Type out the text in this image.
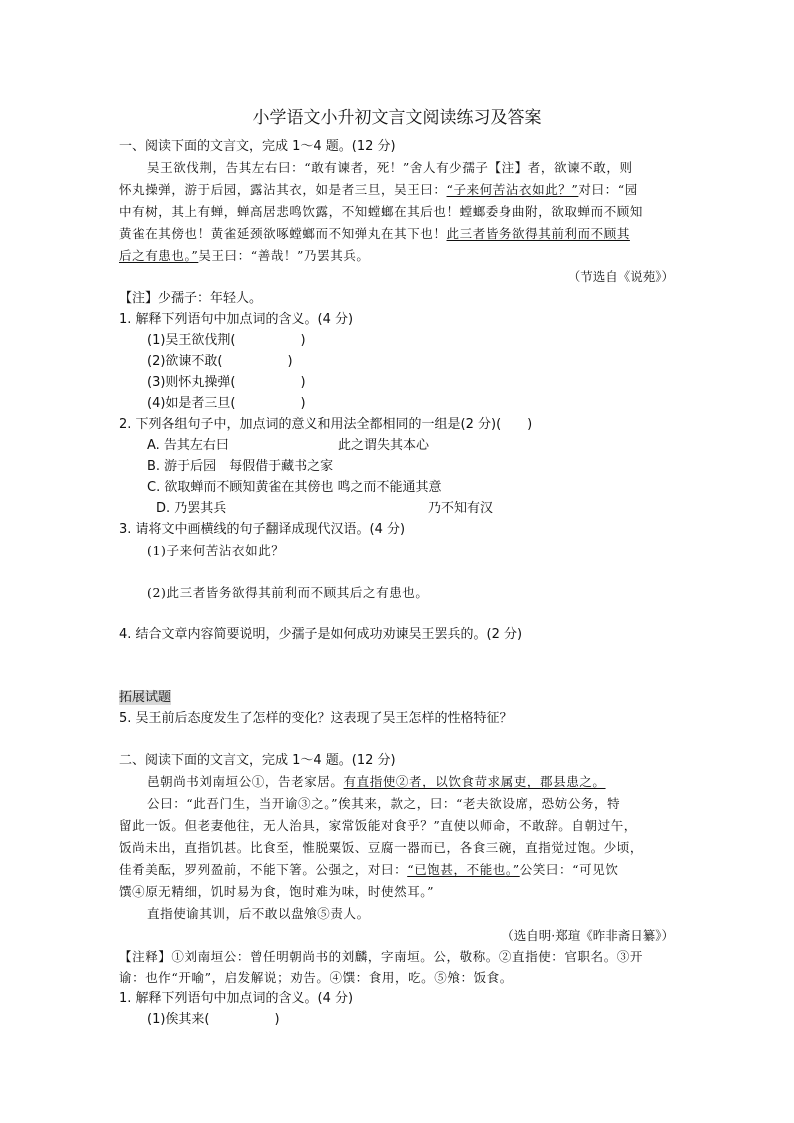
小学语文小升初文言文阅读练习及答案
一、阅读下面的文言文，完成 1～4 题。(12 分)
吴王欲伐荆，告其左右曰：“敢有谏者，死！”舍人有少孺子【注】者，欲谏不敢，则
怀丸操弹，游于后园，露沾其衣，如是者三旦，吴王曰：“子来何苦沾衣如此？”对曰：“园
中有树，其上有蝉，蝉高居悲鸣饮露，不知螳螂在其后也！螳螂委身曲附，欲取蝉而不顾知
黄雀在其傍也！黄雀延颈欲啄螳螂而不知弹丸在其下也！此三者皆务欲得其前利而不顾其
后之有患也。”吴王曰：“善哉！”乃罢其兵。
（节选自《说苑》）
【注】少孺子：年轻人。
1. 解释下列语句中加点词的含义。(4 分)
(1)吴王欲伐荆(　　　　　)
(2)欲谏不敢(　　　　　)
(3)则怀丸操弹(　　　　　)
(4)如是者三旦(　　　　　)
2. 下列各组句子中，加点词的意义和用法全都相同的一组是(2 分)(　　)
A. 告其左右曰	此之谓失其本心
B. 游于后园　每假借于藏书之家
C. 欲取蝉而不顾知黄雀在其傍也 鸣之而不能通其意
D. 乃罢其兵	乃不知有汉
3. 请将文中画横线的句子翻译成现代汉语。(4 分)
(1)子来何苦沾衣如此？
(2)此三者皆务欲得其前利而不顾其后之有患也。
4. 结合文章内容简要说明，少孺子是如何成功劝谏吴王罢兵的。(2 分)
拓展试题
5. 吴王前后态度发生了怎样的变化？这表现了吴王怎样的性格特征？
二、阅读下面的文言文，完成 1～4 题。(12 分)
邑朝尚书刘南垣公①，告老家居。有直指使②者，以饮食苛求属吏，郡县患之。
公曰：“此吾门生，当开谕③之。”俟其来，款之，曰：“老夫欲设席，恐妨公务，特
留此一饭。但老妻他往，无人治具，家常饭能对食乎？”直使以师命，不敢辞。自朝过午，
饭尚未出，直指饥甚。比食至，惟脱粟饭、豆腐一器而已，各食三碗，直指觉过饱。少顷，
佳肴美酝，罗列盈前，不能下箸。公强之，对曰：“已饱甚，不能也。”公笑曰：“可见饮
馔④原无精细，饥时易为食，饱时难为味，时使然耳。”
直指使谕其训，后不敢以盘飧⑤责人。
（选自明·郑瑄《昨非斋日纂》）
【注释】①刘南垣公：曾任明朝尚书的刘麟，字南垣。公，敬称。②直指使：官职名。③开
谕：也作“开喻”，启发解说；劝告。④馔：食用，吃。⑤飧：饭食。
1. 解释下列语句中加点词的含义。(4 分)
(1)俟其来(　　　　　)
